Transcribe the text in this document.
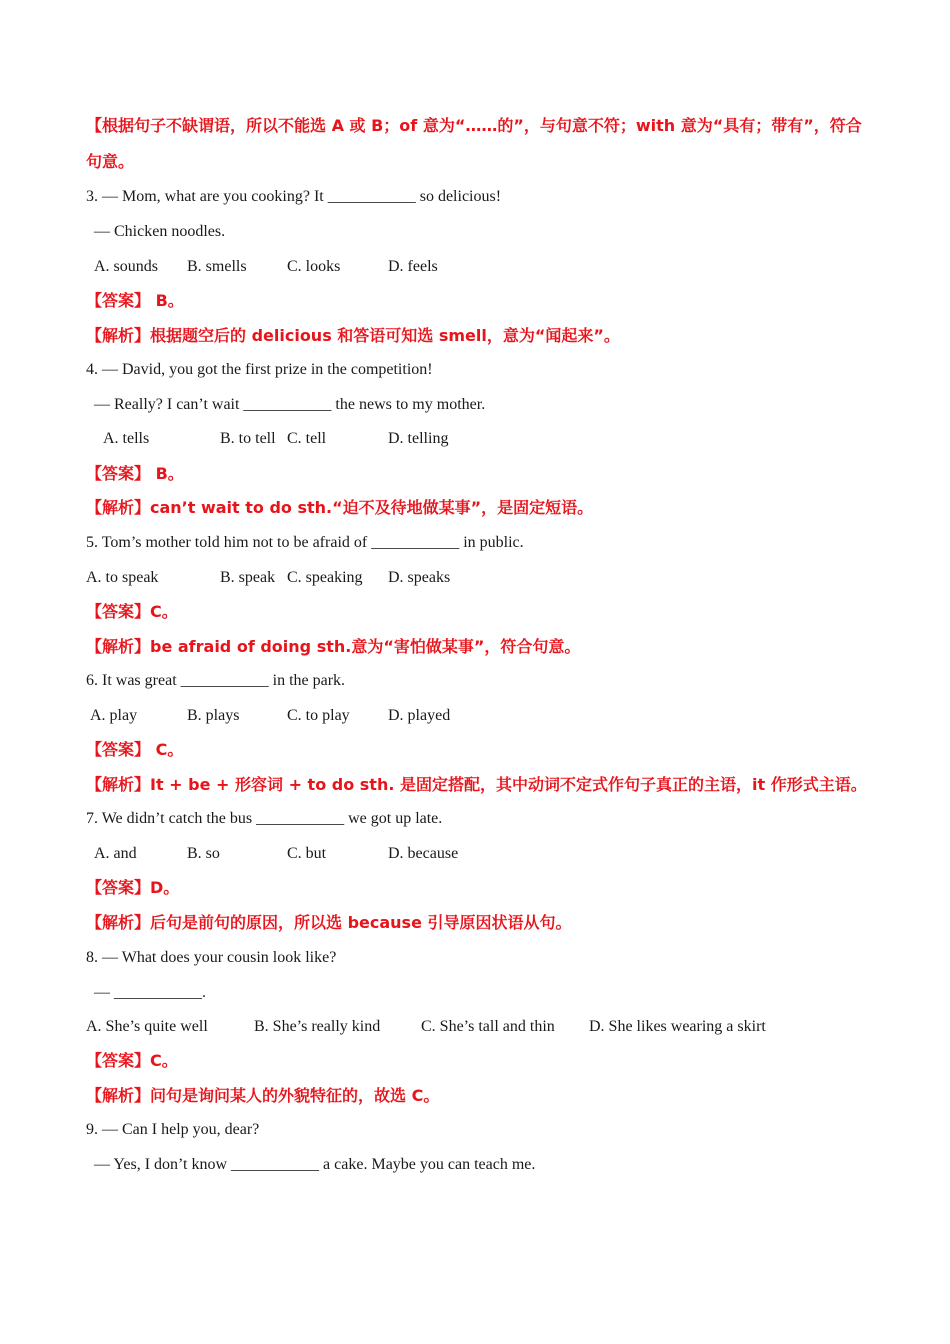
【根据句子不缺谓语，所以不能选 A 或 B；of 意为“……的”，与句意不符；with 意为“具有；带有”，符合
句意。
3. — Mom, what are you cooking? It ___________ so delicious!
— Chicken noodles.
A. sounds B. smells	C. looks	D. feels
【答案】 B。
【解析】根据题空后的 delicious 和答语可知选 smell，意为“闻起来”。
4. — David, you got the first prize in the competition!
— Really? I can’t wait ___________ the news to my mother.
A. tells	B. to tell C. tell	D. telling
【答案】 B。
【解析】can’t wait to do sth.“迫不及待地做某事”，是固定短语。
5. Tom’s mother told him not to be afraid of ___________ in public.
A. to speak	B. speak C. speaking D. speaks
【答案】C。
【解析】be afraid of doing sth.意为“害怕做某事”，符合句意。
6. It was great ___________ in the park.
A. play	B. plays	C. to play D. played
【答案】 C。
【解析】It + be + 形容词 + to do sth. 是固定搭配，其中动词不定式作句子真正的主语，it 作形式主语。
7. We didn’t catch the bus ___________ we got up late.
A. and	B. so	C. but	D. because
【答案】D。
【解析】后句是前句的原因，所以选 because 引导原因状语从句。
8. — What does your cousin look like?
— ___________.
A. She’s quite well	B. She’s really kind	C. She’s tall and thin D. She likes wearing a skirt
【答案】C。
【解析】问句是询问某人的外貌特征的，故选 C。
9. — Can I help you, dear?
— Yes, I don’t know ___________ a cake. Maybe you can teach me.
